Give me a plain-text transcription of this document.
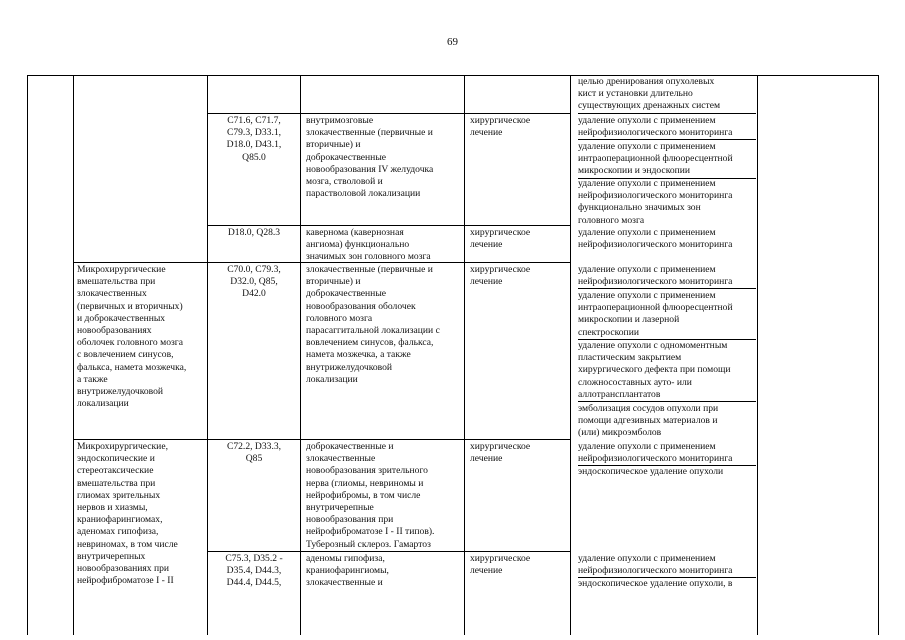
69
целью дренирования опухолевых
кист и установки длительно
существующих дренажных систем
C71.6, C71.7,
C79.3, D33.1,
D18.0, D43.1,
Q85.0
внутримозговые
злокачественные (первичные и
вторичные) и
доброкачественные
новообразования IV желудочка
мозга, стволовой и
парастволовой локализации
хирургическое
лечение
удаление опухоли с применением
нейрофизиологического мониторинга
удаление опухоли с применением
интраоперационной флюоресцентной
микроскопии и эндоскопии
удаление опухоли с применением
нейрофизиологического мониторинга
функционально значимых зон
головного мозга
D18.0, Q28.3	кавернома (кавернозная
ангиома) функционально
значимых зон головного мозга
хирургическое
лечение
удаление опухоли с применением
нейрофизиологического мониторинга
Микрохирургические
вмешательства при
злокачественных
(первичных и вторичных)
и доброкачественных
новообразованиях
оболочек головного мозга
с вовлечением синусов,
фалькса, намета мозжечка,
а также
внутрижелудочковой
локализации
C70.0, C79.3,
D32.0, Q85,
D42.0
злокачественные (первичные и
вторичные) и
доброкачественные
новообразования оболочек
головного мозга
парасаггитальной локализации с
вовлечением синусов, фалькса,
намета мозжечка, а также
внутрижелудочковой
локализации
хирургическое
лечение
удаление опухоли с применением
нейрофизиологического мониторинга
удаление опухоли с применением
интраоперационной флюоресцентной
микроскопии и лазерной
спектроскопии
удаление опухоли с одномоментным
пластическим закрытием
хирургического дефекта при помощи
сложносоставных ауто- или
аллотрансплантатов
эмболизация сосудов опухоли при
помощи адгезивных материалов и
(или) микроэмболов
Микрохирургические,
эндоскопические и
стереотаксические
вмешательства при
глиомах зрительных
нервов и хиазмы,
краниофарингиомах,
аденомах гипофиза,
невриномах, в том числе
внутричерепных
новообразованиях при
нейрофиброматозе I - II
C72.2, D33.3,
Q85
доброкачественные и
злокачественные
новообразования зрительного
нерва (глиомы, невриномы и
нейрофибромы, в том числе
внутричерепные
новообразования при
нейрофиброматозе I - II типов).
Туберозный склероз. Гамартоз
хирургическое
лечение
удаление опухоли с применением
нейрофизиологического мониторинга
эндоскопическое удаление опухоли
C75.3, D35.2 -
D35.4, D44.3,
D44.4, D44.5,
аденомы гипофиза,
краниофарингиомы,
злокачественные и
хирургическое
лечение
удаление опухоли с применением
нейрофизиологического мониторинга
эндоскопическое удаление опухоли, в
